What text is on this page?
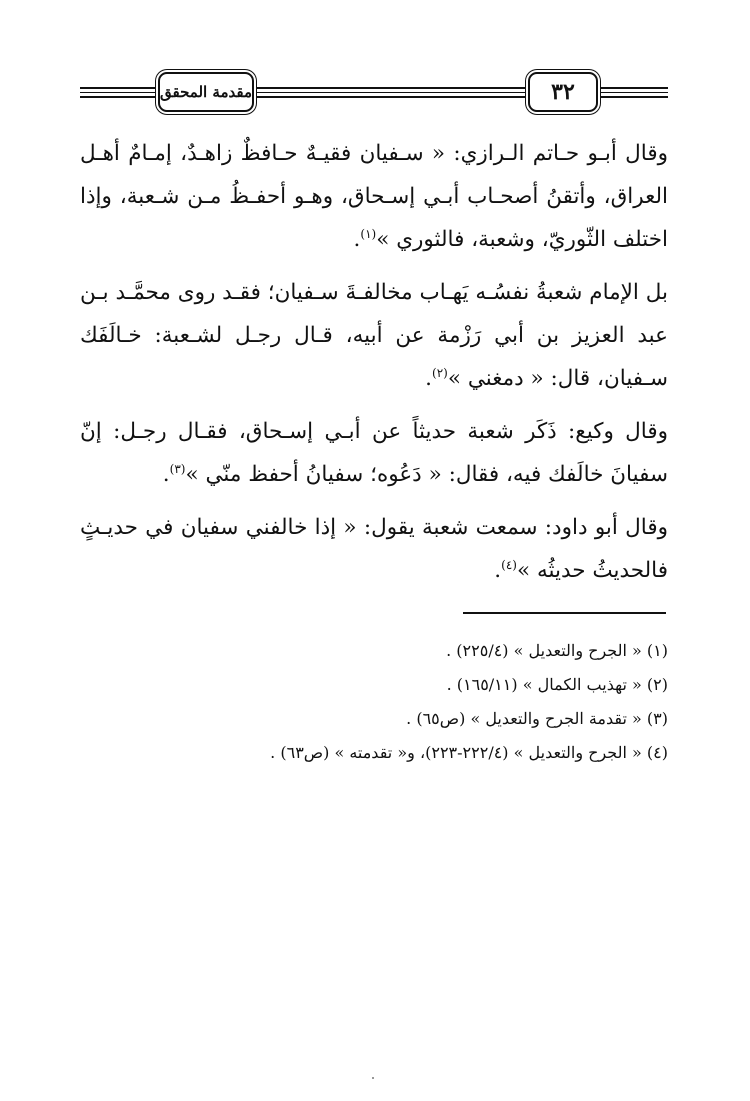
مقدمة المحقق	٣٢

وقال أبـو حـاتم الـرازي: « سـفيان فقيـهٌ حـافظٌ زاهـدٌ، إمـامٌ أهـل العراق، وأتقنُ أصحـاب أبـي إسـحاق، وهـو أحفـظُ مـن شـعبة، وإذا اختلف الثّوريّ، وشعبة، فالثوري »$^{(١)}$.

بل الإمام شعبةُ نفسُـه يَهـاب مخالفـةَ سـفيان؛ فقـد روى محمَّـد بـن عبد العزيز بن أبي رَزْمة عن أبيه، قـال رجـل لشـعبة: خـالَفَك سـفيان، قال: « دمغني »$^{(٢)}$.

وقال وكيع: ذَكَر شعبة حديثاً عن أبـي إسـحاق، فقـال رجـل: إنّ سفيانَ خالَفك فيه، فقال: « دَعُوه؛ سفيانُ أحفظ منّي »$^{(٣)}$.

وقال أبو داود: سمعت شعبة يقول: « إذا خالفني سفيان في حديـثٍ فالحديثُ حديثُه »$^{(٤)}$.

(١) « الجرح والتعديل » (٢٢٥/٤) .

(٢) « تهذيب الكمال » (١٦٥/١١) .

(٣) « تقدمة الجرح والتعديل » (ص٦٥) .

(٤) « الجرح والتعديل » (٢٢٢/٤-٢٢٣)، و« تقدمته » (ص٦٣) .
